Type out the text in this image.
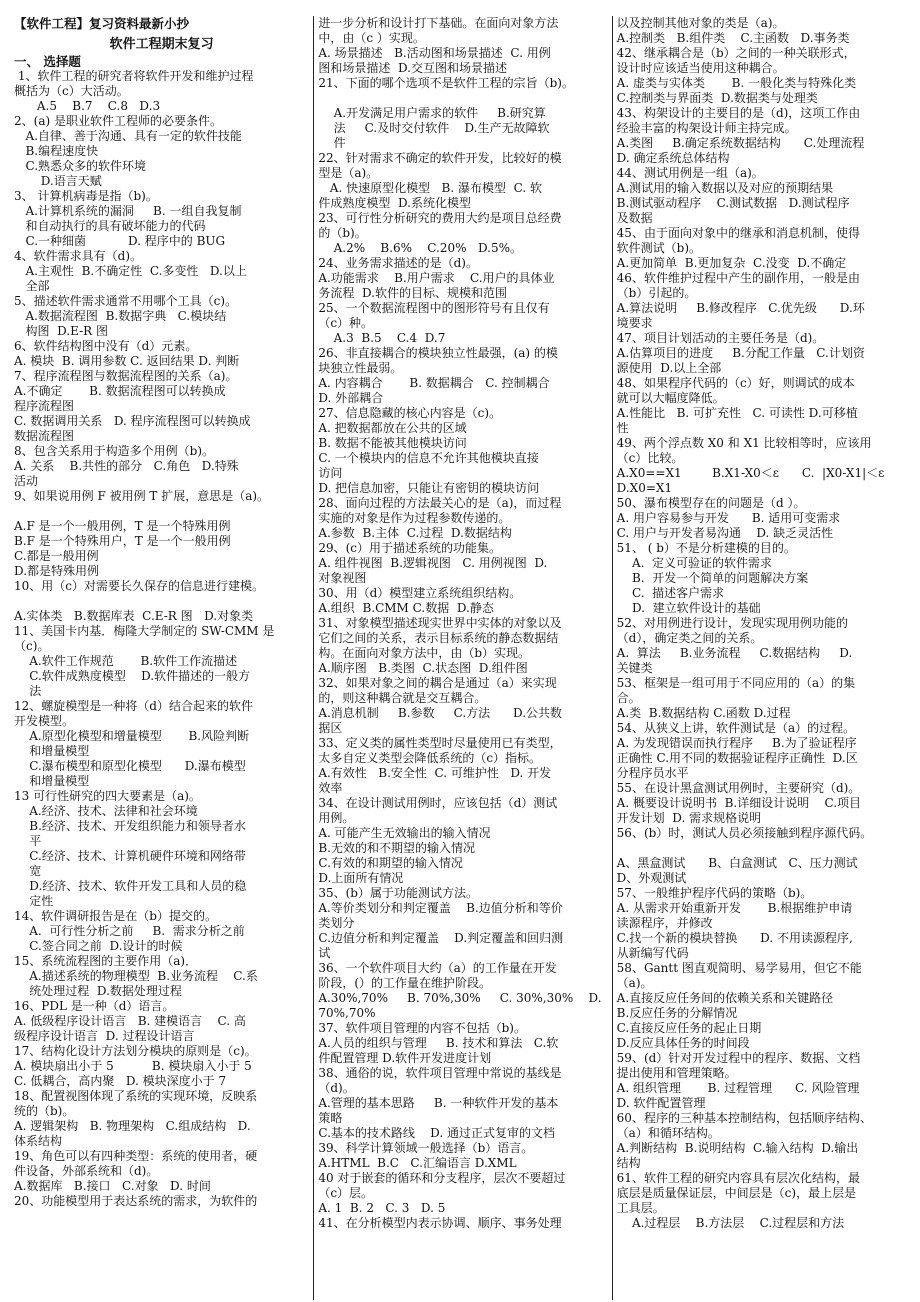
【软件工程】复习资料最新小抄
软件工程期末复习
一、 选择题
1、软件工程的研究者将软件开发和维护过程
概括为（c）大活动。
A.5    B.7    C.8   D.3
2、(a) 是职业软件工程师的必要条件。
A.自律、善于沟通、具有一定的软件技能
B.编程速度快
C.熟悉众多的软件环境
D.语言天赋
3、 计算机病毒是指（b)。
A.计算机系统的漏洞     B. 一组自我复制
和自动执行的具有破坏能力的代码
C.一种细菌           D. 程序中的 BUG
4、软件需求具有（d)。
A.主观性  B.不确定性  C.多变性   D.以上
全部
5、描述软件需求通常不用哪个工具（c)。
A.数据流程图  B.数据字典   C.模块结
构图  D.E-R 图
6、软件结构图中没有（d）元素。
A. 模块  B. 调用参数 C. 返回结果 D. 判断
7、程序流程图与数据流程图的关系（a)。
A.不确定       B. 数据流程图可以转换成
程序流程图
C. 数据调用关系   D. 程序流程图可以转换成
数据流程图
8、包含关系用于构造多个用例（b)。
A. 关系    B.共性的部分   C.角色   D.特殊
活动
9、如果说用例 F 被用例 T 扩展，意思是（a)。

A.F 是一个一般用例，T 是一个特殊用例
B.F 是一个特殊用户，T 是一个一般用例
C.都是一般用例
D.都是特殊用例
10、用（c）对需要长久保存的信息进行建模。

A.实体类   B.数据库表  C.E-R 图   D.对象类
11、美国卡内基．梅隆大学制定的 SW-CMM 是
（c)。
A.软件工作规范       B.软件工作流描述
C.软件成熟度模型    D.软件描述的一般方
法
12、螺旋模型是一种将（d）结合起来的软件
开发模型。
A.原型化模型和增量模型       B.风险判断
和增量模型
C.瀑布模型和原型化模型      D.瀑布模型
和增量模型
13 可行性研究的四大要素是（a)。
A.经济、技术、法律和社会环境
B.经济、技术、开发组织能力和领导者水
平
C.经济、技术、计算机硬件环境和网络带
宽
D.经济、技术、软件开发工具和人员的稳
定性
14、软件调研报告是在（b）提交的。
A.  可行性分析之前     B.  需求分析之前
C.签合同之前  D.设计的时候
15、系统流程图的主要作用（a)．
A.描述系统的物理模型  B.业务流程    C.系
统处理过程  D.数据处理过程
16、PDL 是一种（d）语言。
A. 低级程序设计语言   B. 建模语言    C. 高
级程序设计语言  D. 过程设计语言
17、结构化设计方法划分模块的原则是（c)。
A. 模块扇出小于 5          B. 模块扇入小于 5
C. 低耦合，高内聚   D. 模块深度小于 7
18、配置视图体现了系统的实现环境，反映系
统的（b)。
A. 逻辑架构   B. 物理架构   C.组成结构   D.
体系结构
19、角色可以有四种类型：系统的使用者，硬
件设备，外部系统和（d)。
A.数据库   B.接口   C.对象   D. 时间
20、功能模型用于表达系统的需求，为软件的
进一步分析和设计打下基础。在面向对象方法
中，由（c ）实现。
A. 场景描述   B.活动图和场景描述  C. 用例
图和场景描述  D.交互图和场景描述
21、下面的哪个选项不是软件工程的宗旨（b)。

A.开发满足用户需求的软件     B.研究算
法     C.及时交付软件    D.生产无故障软
件
22、针对需求不确定的软件开发，比较好的模
型是（a)。
A. 快速原型化模型   B. 瀑布模型  C. 软
件成熟度模型  D.系统化模型
23、可行性分析研究的费用大约是项目总经费
的（b)。
A.2%    B.6%    C.20%   D.5%。
24、业务需求描述的是（d)。
A.功能需求    B.用户需求    C.用户的具体业
务流程  D.软件的目标、规模和范围
25、一个数据流程图中的图形符号有且仅有
（c）种。
A.3  B.5    C.4  D.7
26、非直接耦合的模块独立性最强，(a) 的模
块独立性最弱。
A. 内容耦合       B. 数据耦合   C. 控制耦合
D. 外部耦合
27、信息隐藏的核心内容是（c)。
A. 把数据都放在公共的区域
B. 数据不能被其他模块访问
C. 一个模块内的信息不允许其他模块直接
访问
D. 把信息加密，只能让有密钥的模块访问
28、面向过程的方法最关心的是（a)，而过程
实施的对象是作为过程参数传递的。
A.参数  B.主体  C.过程  D.数据结构
29、(c）用于描述系统的功能集。
A. 组件视图  B.逻辑视图   C. 用例视图  D.
对象视图
30、用（d）模型建立系统组织结构。
A.组织  B.CMM C.数据  D.静态
31、对象模型描述现实世界中实体的对象以及
它们之间的关系，表示目标系统的静态数据结
构。在面向对象方法中，由（b）实现。
A.顺序图   B.类图  C.状态图  D.组件图
32、如果对象之间的耦合是通过（a）来实现
的，则这种耦合就是交互耦合。
A.消息机制     B.参数     C.方法      D.公共数
据区
33、定义类的属性类型时尽量使用已有类型，
太多自定义类型会降低系统的（c）指标。
A.有效性   B.安全性  C. 可维护性   D. 开发
效率
34、在设计测试用例时，应该包括（d）测试
用例。
A. 可能产生无效输出的输入情况
B.无效的和不期望的输入情况
C.有效的和期望的输入情况
D.上面所有情况
35、(b）属于功能测试方法。
A.等价类划分和判定覆盖    B.边值分析和等价
类划分
C.边值分析和判定覆盖    D.判定覆盖和回归测
试
36、一个软件项目大约（a）的工作量在开发
阶段，(）的工作量在维护阶段。
A.30%,70%     B. 70%,30%     C. 30%,30%    D.
70%,70%
37、软件项目管理的内容不包括（b)。
A.人员的组织与管理     B. 技术和算法   C.软
件配置管理 D.软件开发进度计划
38、通俗的说，软件项目管理中常说的基线是
（d)。
A.管理的基本思路     B. 一种软件开发的基本
策略
C.基本的技术路线    D. 通过正式复审的文档
39、科学计算领域一般选择（b）语言。
A.HTML  B.C   C.汇编语言 D.XML
40 对于嵌套的循环和分支程序，层次不要超过
（c）层。
A. 1  B. 2   C. 3   D. 5
41、在分析模型内表示协调、顺序、事务处理
以及控制其他对象的类是（a)。
A.控制类   B.组件类    C.主函数   D.事务类
42、继承耦合是（b）之间的一种关联形式，
设计时应该适当使用这种耦合。
A. 虚类与实体类       B. 一般化类与特殊化类
C.控制类与界面类  D.数据类与处理类
43、构架设计的主要目的是（d)，这项工作由
经验丰富的构架设计师主持完成。
A.类图     B.确定系统数据结构      C.处理流程
D. 确定系统总体结构
44、测试用例是一组（a)。
A.测试用的输入数据以及对应的预期结果
B.测试驱动程序    C.测试数据   D.测试程序
及数据
45、由于面向对象中的继承和消息机制，使得
软件测试（b)。
A.更加简单  B.更加复杂  C.没变  D.不确定
46、软件维护过程中产生的副作用，一般是由
（b）引起的。
A.算法说明     B.修改程序   C.优先级      D.环
境要求
47、项目计划活动的主要任务是（d)。
A.估算项目的进度     B.分配工作量   C.计划资
源使用  D.以上全部
48、如果程序代码的（c）好，则调试的成本
就可以大幅度降低。
A.性能比   B. 可扩充性   C. 可读性 D.可移植
性
49、两个浮点数 X0 和 X1 比较相等时，应该用
（c）比较。
A.X0==X1        B.X1-X0＜ε      C.  |X0-X1|＜ε
D.X0=X1
50、瀑布模型存在的问题是（d ）。
A. 用户容易参与开发      B. 适用可变需求
C. 用户与开发者易沟通    D. 缺乏灵活性
51、 ( b）不是分析建模的目的。
A.  定义可验证的软件需求
B.  开发一个简单的问题解决方案
C.  描述客户需求
D.  建立软件设计的基础
52、对用例进行设计，发现实现用例功能的
（d），确定类之间的关系。
A.  算法     B.业务流程     C.数据结构     D.
关键类
53、框架是一组可用于不同应用的（a）的集
合。
A.类  B.数据结构 C.函数 D.过程
54、从狭义上讲，软件测试是（a）的过程。
A. 为发现错误而执行程序     B.为了验证程序
正确性 C.用不同的数据验证程序正确性  D.区
分程序员水平
55、在设计黑盒测试用例时，主要研究（d)。
A. 概要设计说明书  B.详细设计说明    C.项目
开发计划  D. 需求规格说明
56、(b）时，测试人员必须接触到程序源代码。

A、黑盒测试      B、白盒测试   C、压力测试
D、外观测试
57、一般维护程序代码的策略（b)。
A. 从需求开始重新开发       B.根据维护申请
读源程序，并修改
C.找一个新的模块替换      D. 不用读源程序,
从新编写代码
58、Gantt 图直观简明、易学易用，但它不能
（a)。
A.直接反应任务间的依赖关系和关键路径
B.反应任务的分解情况
C.直接反应任务的起止日期
D.反应具体任务的时间段
59、(d）针对开发过程中的程序、数据、文档
提出使用和管理策略。
A. 组织管理       B. 过程管理      C. 风险管理
D. 软件配置管理
60、程序的三种基本控制结构，包括顺序结构、
（a）和循环结构。
A.判断结构  B.说明结构  C.输入结构  D.输出
结构
61、软件工程的研究内容具有层次化结构，最
底层是质量保证层，中间层是（c)，最上层是
工具层。
A.过程层    B.方法层    C.过程层和方法
